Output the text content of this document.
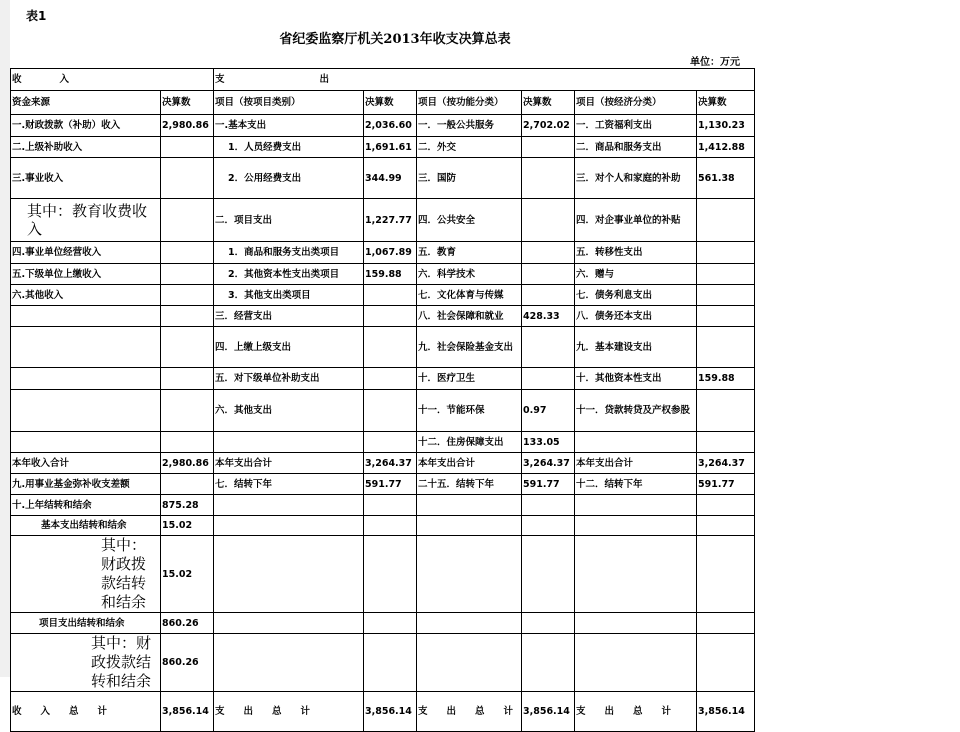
表1
省纪委监察厅机关2013年收支决算总表
单位：万元
收　　　　入		支　　　　　　　　　　出					
资金来源	决算数	项目（按项目类别）	决算数	项目（按功能分类）	决算数	项目（按经济分类）	决算数
一.财政拨款（补助）收入	2,980.86	一.基本支出	2,036.60	一．一般公共服务	2,702.02	一．工资福利支出	1,130.23
二.上级补助收入		1．人员经费支出	1,691.61	二．外交		二．商品和服务支出	1,412.88
三.事业收入		2．公用经费支出	344.99	三．国防		三．对个人和家庭的补助	561.38
其中：教育收费收入		二．项目支出	1,227.77	四．公共安全		四．对企事业单位的补贴	
四.事业单位经营收入		1．商品和服务支出类项目	1,067.89	五．教育		五．转移性支出	
五.下级单位上缴收入		2．其他资本性支出类项目	159.88	六．科学技术		六．赠与	
六.其他收入		3．其他支出类项目		七．文化体育与传媒		七．债务利息支出	
		三．经营支出		八．社会保障和就业	428.33	八．债务还本支出	
		四．上缴上级支出		九．社会保险基金支出		九．基本建设支出	
		五．对下级单位补助支出		十．医疗卫生		十．其他资本性支出	159.88
		六．其他支出		十一．节能环保	0.97	十一．贷款转贷及产权参股	
				十二．住房保障支出	133.05		
本年收入合计	2,980.86	本年支出合计	3,264.37	本年支出合计	3,264.37	本年支出合计	3,264.37
九.用事业基金弥补收支差额		七．结转下年	591.77	二十五．结转下年	591.77	十二．结转下年	591.77
十.上年结转和结余	875.28						
基本支出结转和结余	15.02						
其中：财政拨款结转和结余	15.02						
项目支出结转和结余	860.26						
其中：财政拨款结转和结余	860.26						
收　　入　　总　　计	3,856.14	支　　出　　总　　计	3,856.14	支　　出　　总　　计	3,856.14	支　　出　　总　　计	3,856.14
